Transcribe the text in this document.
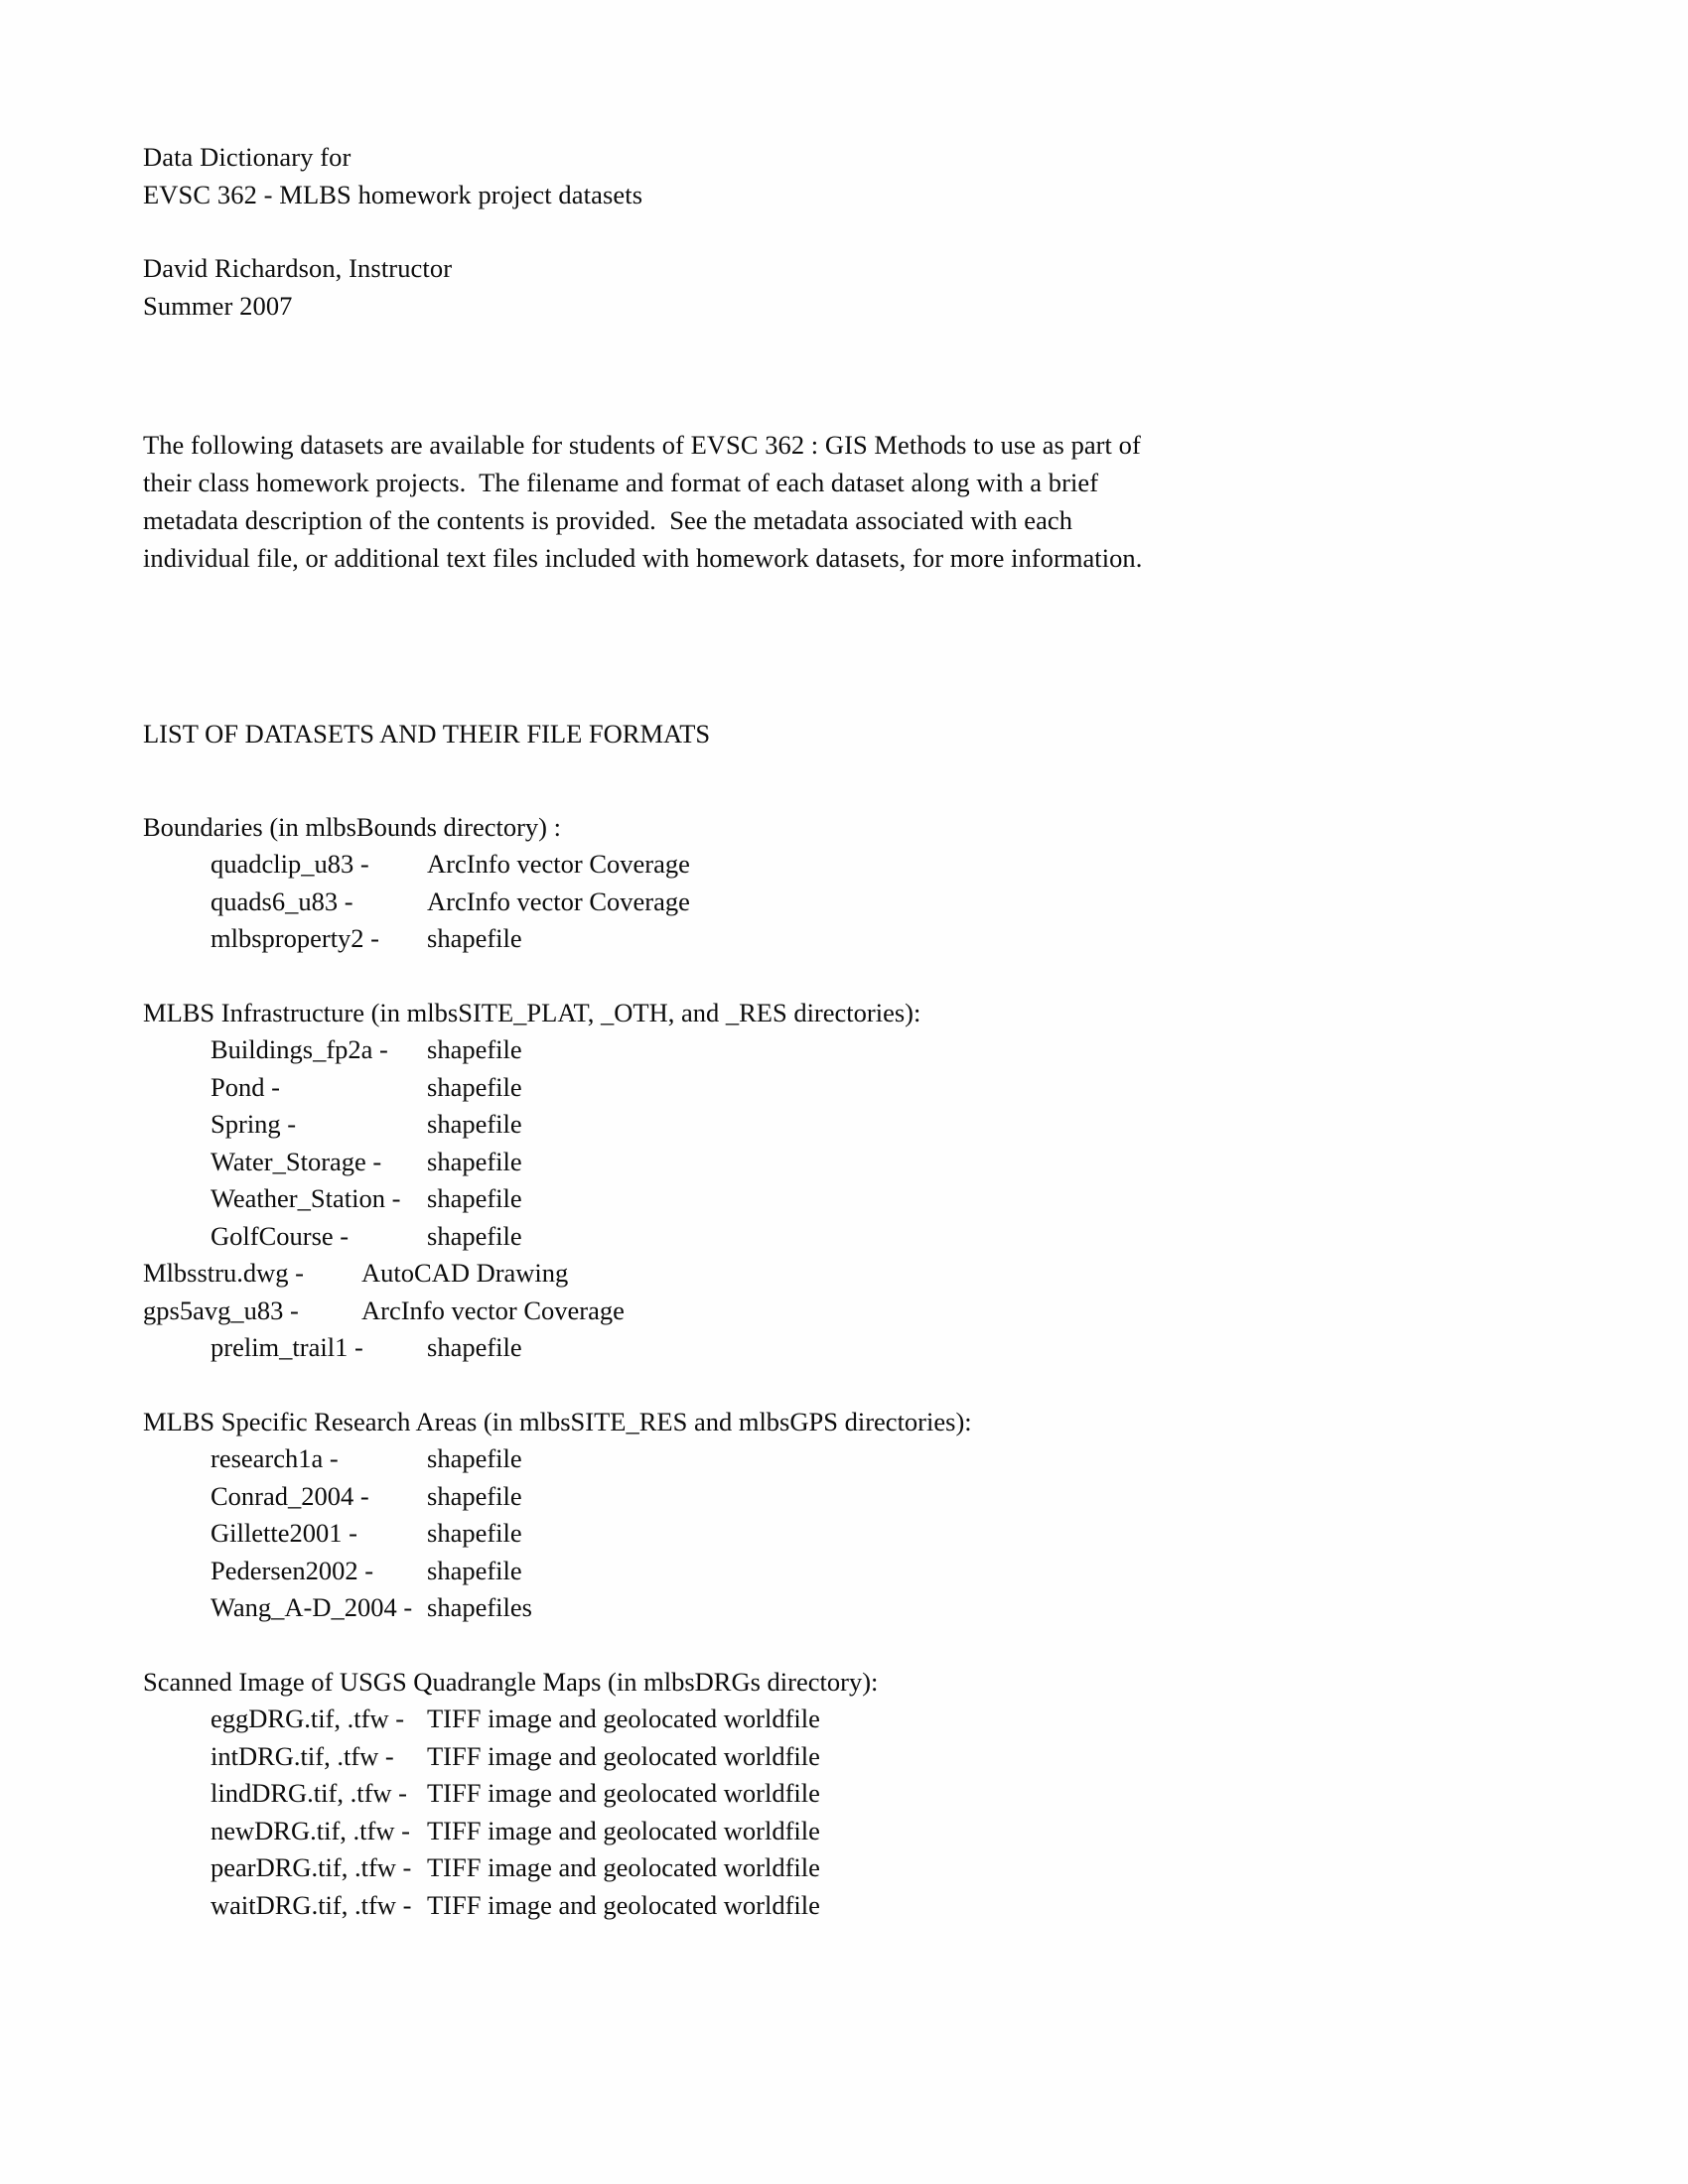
Data Dictionary for
EVSC 362 - MLBS homework project datasets
David Richardson, Instructor
Summer 2007
The following datasets are available for students of EVSC 362 : GIS Methods to use as part of
their class homework projects.  The filename and format of each dataset along with a brief
metadata description of the contents is provided.  See the metadata associated with each
individual file, or additional text files included with homework datasets, for more information.
LIST OF DATASETS AND THEIR FILE FORMATS
Boundaries (in mlbsBounds directory) :
quadclip_u83 - ArcInfo vector Coverage
quads6_u83 -	ArcInfo vector Coverage
mlbsproperty2 - shapefile
MLBS Infrastructure (in mlbsSITE_PLAT, _OTH, and _RES directories):
Buildings_fp2a - shapefile
Pond -	shapefile
Spring -	shapefile
Water_Storage - shapefile
Weather_Station - shapefile
GolfCourse -	shapefile
Mlbsstru.dwg - AutoCAD Drawing
gps5avg_u83 - ArcInfo vector Coverage
prelim_trail1 - shapefile
MLBS Specific Research Areas (in mlbsSITE_RES and mlbsGPS directories):
research1a -	shapefile
Conrad_2004 - shapefile
Gillette2001 -	shapefile
Pedersen2002 - shapefile
Wang_A-D_2004 - shapefiles
Scanned Image of USGS Quadrangle Maps (in mlbsDRGs directory):
eggDRG.tif, .tfw - TIFF image and geolocated worldfile
intDRG.tif, .tfw - TIFF image and geolocated worldfile
lindDRG.tif, .tfw - TIFF image and geolocated worldfile
newDRG.tif, .tfw - TIFF image and geolocated worldfile
pearDRG.tif, .tfw - TIFF image and geolocated worldfile
waitDRG.tif, .tfw - TIFF image and geolocated worldfile
